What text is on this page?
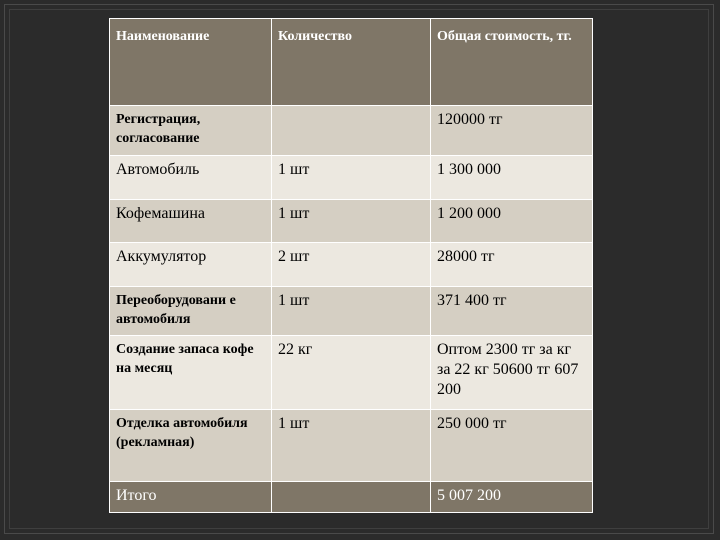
Наименование	Количество	Общая стоимость, тг.
Регистрация, согласование		120000 тг
Автомобиль	1 шт	1 300 000
Кофемашина	1 шт	1 200 000
Аккумулятор	2 шт	28000 тг
Переоборудовани е автомобиля	1 шт	371 400 тг
Создание запаса кофе на месяц	22 кг	Оптом 2300 тг за кг за 22 кг 50600 тг 607 200
Отделка автомобиля (рекламная)	1 шт	250 000 тг
Итого		5 007 200
